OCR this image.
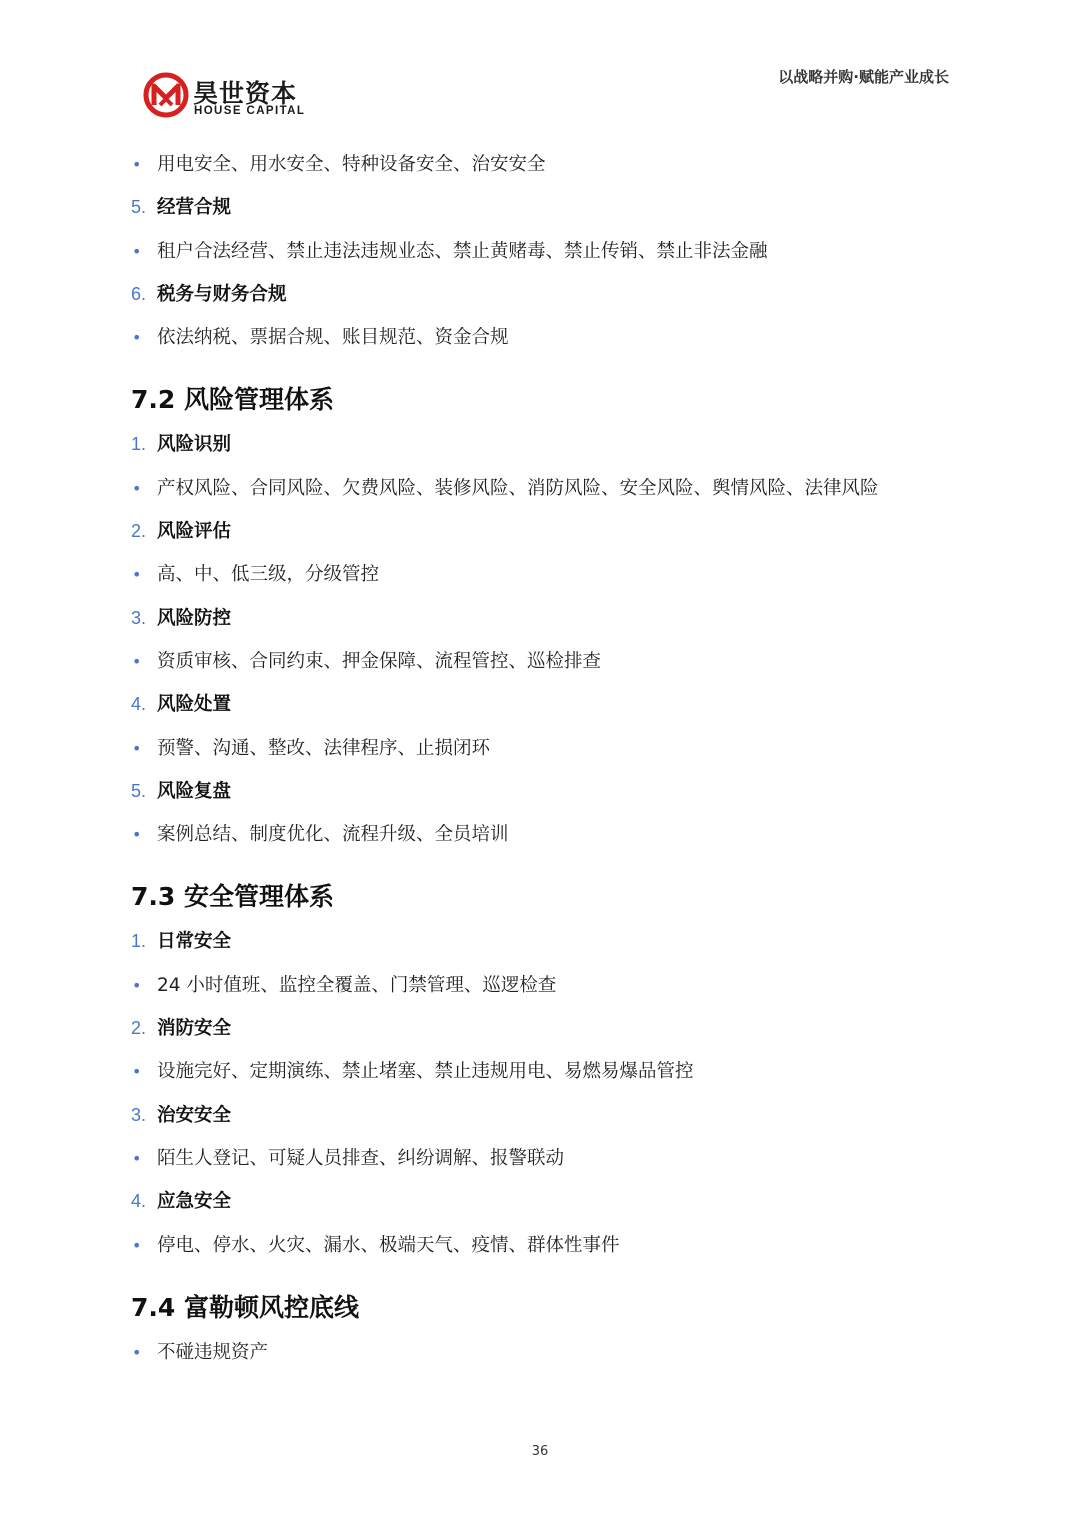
昊世资本
HOUSE CAPITAL
以战略并购·赋能产业成长
• 用电安全、用水安全、特种设备安全、治安安全
5. 经营合规
• 租户合法经营、禁止违法违规业态、禁止黄赌毒、禁止传销、禁止非法金融
6. 税务与财务合规
• 依法纳税、票据合规、账目规范、资金合规
7.2 风险管理体系
1. 风险识别
• 产权风险、合同风险、欠费风险、装修风险、消防风险、安全风险、舆情风险、法律风险
2. 风险评估
• 高、中、低三级，分级管控
3. 风险防控
• 资质审核、合同约束、押金保障、流程管控、巡检排查
4. 风险处置
• 预警、沟通、整改、法律程序、止损闭环
5. 风险复盘
• 案例总结、制度优化、流程升级、全员培训
7.3 安全管理体系
1. 日常安全
• 24 小时值班、监控全覆盖、门禁管理、巡逻检查
2. 消防安全
• 设施完好、定期演练、禁止堵塞、禁止违规用电、易燃易爆品管控
3. 治安安全
• 陌生人登记、可疑人员排查、纠纷调解、报警联动
4. 应急安全
• 停电、停水、火灾、漏水、极端天气、疫情、群体性事件
7.4 富勒顿风控底线
• 不碰违规资产
36
